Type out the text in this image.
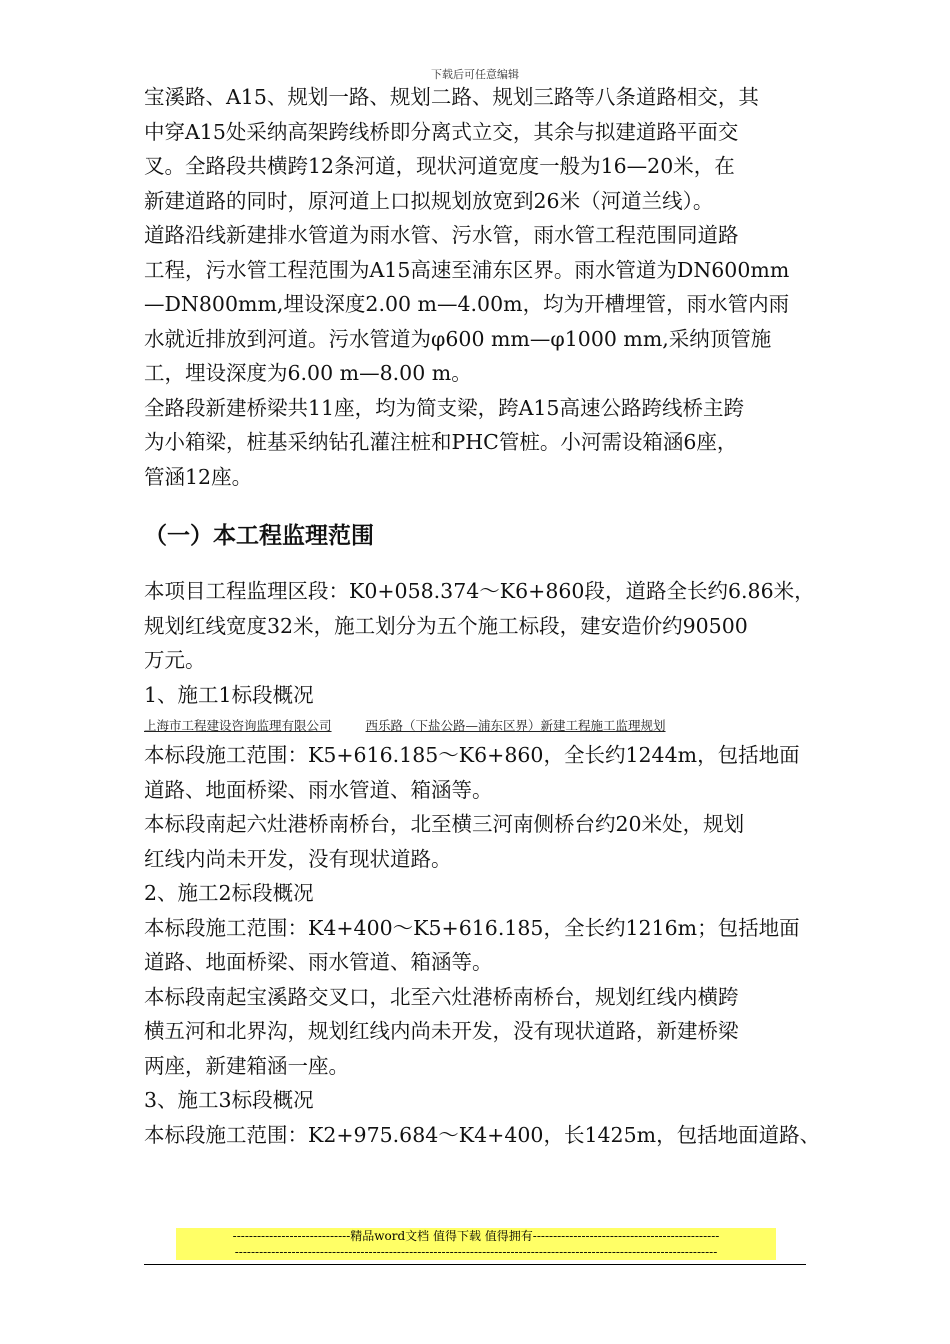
下载后可任意编辑
宝溪路、A15、规划一路、规划二路、规划三路等八条道路相交，其
中穿A15处采纳高架跨线桥即分离式立交，其余与拟建道路平面交
叉。全路段共横跨12条河道，现状河道宽度一般为16—20米，在
新建道路的同时，原河道上口拟规划放宽到26米（河道兰线）。
道路沿线新建排水管道为雨水管、污水管，雨水管工程范围同道路
工程，污水管工程范围为A15高速至浦东区界。雨水管道为DN600mm
—DN800mm,埋设深度2.00 m—4.00m，均为开槽埋管，雨水管内雨
水就近排放到河道。污水管道为φ600 mm—φ1000 mm,采纳顶管施
工，埋设深度为6.00 m—8.00 m。
全路段新建桥梁共11座，均为简支梁，跨A15高速公路跨线桥主跨
为小箱梁，桩基采纳钻孔灌注桩和PHC管桩。小河需设箱涵6座，
管涵12座。
（一）本工程监理范围
本项目工程监理区段：K0+058.374～K6+860段，道路全长约6.86米，
规划红线宽度32米，施工划分为五个施工标段，建安造价约90500
万元。
1、施工1标段概况
上海市工程建设咨询监理有限公司	西乐路（下盐公路—浦东区界）新建工程施工监理规划
本标段施工范围：K5+616.185～K6+860，全长约1244m，包括地面
道路、地面桥梁、雨水管道、箱涵等。
本标段南起六灶港桥南桥台，北至横三河南侧桥台约20米处，规划
红线内尚未开发，没有现状道路。
2、施工2标段概况
本标段施工范围：K4+400～K5+616.185，全长约1216m；包括地面
道路、地面桥梁、雨水管道、箱涵等。
本标段南起宝溪路交叉口，北至六灶港桥南桥台，规划红线内横跨
横五河和北界沟，规划红线内尚未开发，没有现状道路，新建桥梁
两座，新建箱涵一座。
3、施工3标段概况
本标段施工范围：K2+975.684～K4+400，长1425m，包括地面道路、
-----------------------------精品word文档 值得下载 值得拥有----------------------------------------------
-----------------------------------------------------------------------------------------------------------------------
